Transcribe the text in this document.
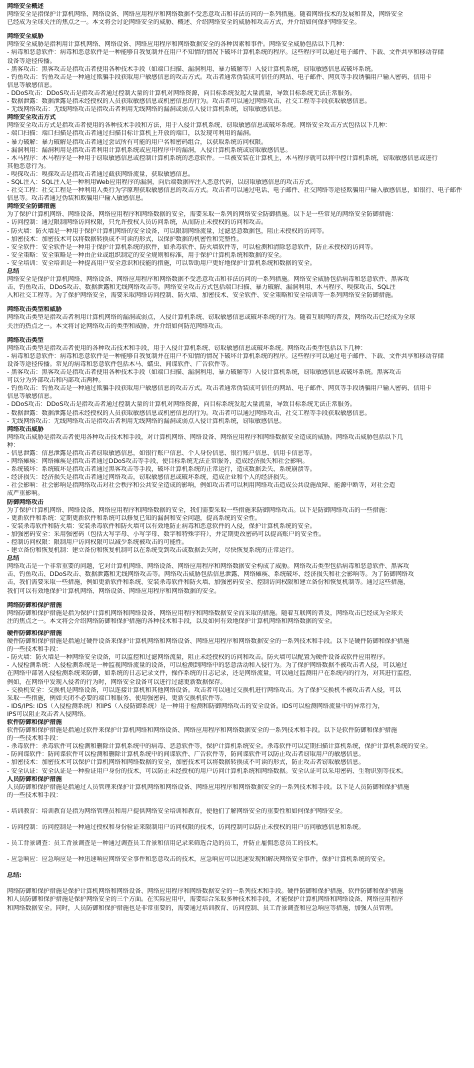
网络安全概述
网络安全是指保护计算机网络、网络设备、网络应用程序和网络数据不受恶意攻击和非法访问的一系列措施。随着网络技术的发展和普及，网络安全
已经成为全球关注的焦点之一。本文将会讨论网络安全的威胁、概述、介绍网络安全的威胁和攻击方式，并介绍如何保护网络安全。
网络安全威胁
网络安全威胁是指利用计算机网络、网络设备、网络应用程序和网络数据安全的各种因素和事件。网络安全威胁包括以下几种：
- 病毒和恶意软件：病毒和恶意软件是一种能够自我复制并在用户不知情的情况下破坏计算机系统的程序。这些程序可以通过电子邮件、下载、文件共享和移动存储
设备等途径传播。
- 黑客攻击：黑客攻击是指攻击者使用各种技术手段（如端口扫描、漏洞利用、暴力破解等）入侵计算机系统，窃取敏感信息或破坏系统。
- 钓鱼攻击：钓鱼攻击是一种通过欺骗手段获取用户敏感信息的攻击方式。攻击者通常伪装成可信任的网站、电子邮件、网页等手段诱骗用户输入密码、信用卡
信息等敏感信息。
- DDoS攻击：DDoS攻击是指攻击者通过控制大量的计算机对网络资源，向目标系统发起大量流量，导致目标系统无法正常服务。
- 数据泄露：数据泄露是指未经授权的人员获取敏感信息或机密信息的行为。攻击者可以通过网络攻击、社交工程等手段获取敏感信息。
- 无线网络攻击：无线网络攻击是指攻击者利用无线网络的漏洞或弱点入侵计算机系统，窃取敏感信息。
网络安全攻击方式
网络安全攻击方式是指攻击者使用的各种技术手段和方法，用于入侵计算机系统、窃取敏感信息或破坏系统。网络安全攻击方式包括以下几种：
- 端口扫描：端口扫描是指攻击者通过扫描目标计算机上开放的端口，以发现可利用的漏洞。
- 暴力破解：暴力破解是指攻击者通过尝试所有可能的用户名和密码组合，以获取系统访问权限。
- 漏洞利用：漏洞利用是指攻击者利用计算机系统或应用程序中的漏洞，入侵计算机系统或窃取敏感信息。
- 木马程序：木马程序是一种用于窃取敏感信息或控制计算机系统的恶意软件。一旦被安装在计算机上，木马程序就可以将中控计算机系统，窃取敏感信息或进行
其他恶意行为。
- 嗅探攻击：嗅探攻击是指攻击者通过截获网络流量，获取敏感信息。
- SQL注入：SQL注入是一种利用Web应用程序的漏洞，向后端数据库注入恶意代码，以窃取敏感信息的攻击方式。
- 社交工程：社交工程是一种利用人类行为学原理获取敏感信息的攻击方式。攻击者可以通过电话、电子邮件、社交网络等途径欺骗用户输入敏感信息，如银行、电子邮件
信息等。攻击者通过伪装和欺骗用户输入敏感信息。
网络安全防御措施
为了保护计算机网络、网络设备、网络应用程序和网络数据的安全，需要采取一系列的网络安全防御措施。以下是一些常见的网络安全防御措施：
- 访问控制：通过限制网络访问权限，只允许授权人员访问系统，从而防止未授权的访问和攻击。
- 防火墙：防火墙是一种用于保护计算机网络的安全设备，可以限制网络流量，过滤恶意数据包，阻止未授权的访问等。
- 加密技术：加密技术可以将数据转换成不可读的形式，以保护数据的机密性和完整性。
- 安全软件：安全软件是一种用于保护计算机系统的软件，如杀毒软件、防火墙软件等，可以检测和清除恶意软件，防止未授权的访问等。
- 安全策略：安全策略是一种由企业或组织制定的安全规则和标准，用于保护计算机系统和数据的安全。
- 安全培训：安全培训是一种提高用户安全意识和技能的措施，可以帮助用户更好地保护计算机系统和数据的安全。
总结
网络安全是保护计算机网络、网络设备、网络应用程序和网络数据不受恶意攻击和非法访问的一系列措施。网络安全威胁包括病毒和恶意软件、黑客攻
击、钓鱼攻击、DDoS攻击、数据泄露和无线网络攻击等。网络安全攻击方式包括端口扫描、暴力破解、漏洞利用、木马程序、嗅探攻击、SQL注
入和社交工程等。为了保护网络安全，需要采取网络访问控制、防火墙、加密技术、安全软件、安全策略和安全培训等一系列网络安全防御措施。
网络攻击类型和威胁
网络攻击类型是指攻击者利用计算机网络的漏洞或弱点，入侵计算机系统、窃取敏感信息或破坏系统的行为。随着互联网的普及，网络攻击已经成为全球
关注的热点之一。本文将讨论网络攻击的类型和威胁，并介绍如何防范网络攻击。
网络攻击类型
网络攻击类型是指攻击者使用的各种攻击技术和手段，用于入侵计算机系统、窃取敏感信息或破坏系统。网络攻击类型包括以下几种：
- 病毒和恶意软件：病毒和恶意软件是一种能够自我复制并在用户不知情的情况下破坏计算机系统的程序。这些程序可以通过电子邮件、下载、文件共享和移动存储
设备等途径传播。常见的病毒和恶意软件包括木马、蠕虫、间谍软件、广告软件等。
- 黑客攻击：黑客攻击是指攻击者使用各种技术手段（如端口扫描、漏洞利用、暴力破解等）入侵计算机系统，窃取敏感信息或破坏系统。黑客攻击
可以分为外部攻击和内部攻击两种。
- 钓鱼攻击：钓鱼攻击是一种通过欺骗手段获取用户敏感信息的攻击方式。攻击者通常伪装成可信任的网站、电子邮件、网页等手段诱骗用户输入密码、信用卡
信息等敏感信息。
- DDoS攻击：DDoS攻击是指攻击者通过控制大量的计算机对网络资源，向目标系统发起大量流量，导致目标系统无法正常服务。
- 数据泄露：数据泄露是指未经授权的人员获取敏感信息或机密信息的行为。攻击者可以通过网络攻击、社交工程等手段获取敏感信息。
- 无线网络攻击：无线网络攻击是指攻击者利用无线网络的漏洞或弱点入侵计算机系统，窃取敏感信息。
网络攻击威胁
网络攻击威胁是指攻击者使用各种攻击技术和手段，对计算机网络、网络设备、网络应用程序和网络数据安全造成的威胁。网络攻击威胁包括以下几
种：
- 信息泄露：信息泄露是指攻击者窃取敏感信息，如银行账户信息、个人身份信息、银行账户信息、信用卡信息等。
- 网络瘫痪：网络瘫痪是指攻击者通过DDoS攻击等手段，使目标系统无法正常服务，造成经济损失和社会影响。
- 系统破坏：系统破坏是指攻击者通过黑客攻击等手段，破坏计算机系统的正常运行，造成数据丢失、系统崩溃等。
- 经济损失：经济损失是指攻击者通过网络攻击，窃取敏感信息或破坏系统，造成企业和个人的经济损失。
- 社会影响：社会影响是指网络攻击对社会秩序和公共安全造成的影响，例如攻击者可以利用网络攻击造成公共设施故障、能源中断等，对社会造
成严重影响。
防御网络攻击
为了保护计算机网络、网络设备、网络应用程序和网络数据的安全，我们需要采取一些措施来防御网络攻击。以下是防御网络攻击的一些措施：
- 更新软件和系统：定期更新软件和系统可以修复已知的漏洞和安全问题，提高系统的安全性。
- 安装杀毒软件和防火墙：安装杀毒软件和防火墙可以有效地防止病毒和恶意软件的入侵，保护计算机系统的安全。
- 加强密码安全：采用强密码（包括大写字母、小写字母、数字和特殊字符），并定期更改密码可以提高账户的安全性。
- 控制访问权限：限制用户访问权限可以减少系统被攻击的可能性。
- 建立备份和恢复机制：建立备份和恢复机制可以在系统受到攻击或数据丢失时，尽快恢复系统的正常运行。
总结
网络攻击是一个非常重要的问题，它对计算机网络、网络设备、网络应用程序和网络数据安全构成了威胁。网络攻击类型包括病毒和恶意软件、黑客攻
击、钓鱼攻击、DDoS攻击、数据泄露和无线网络攻击等。网络攻击威胁包括信息泄露、网络瘫痪、系统破坏、经济损失和社会影响等。为了防御网络攻
击，我们需要采取一些措施，例如更新软件和系统、安装杀毒软件和防火墙、加强密码安全、控制访问权限和建立备份和恢复机制等。通过这些措施，
我们可以有效地保护计算机网络、网络设备、网络应用程序和网络数据的安全。
网络防御和保护措施
网络防御和保护措施是指为保护计算机网络和网络设备、网络应用程序和网络数据安全而采取的措施。随着互联网的普及，网络攻击已经成为全球关
注的焦点之一。本文将会介绍网络防御和保护措施的各种技术和手段，以及如何有效地保护计算机网络和网络数据的安全。
硬件防御和保护措施
硬件防御和保护措施是指通过硬件设备来保护计算机网络和网络设备、网络应用程序和网络数据安全的一系列技术和手段。以下是硬件防御和保护措施
的一些技术和手段：
- 防火墙：防火墙是一种网络安全设备，可以监控和过滤网络流量，阻止未经授权的访问和攻击。防火墙可以配置为硬件设备或软件应用程序。
- 入侵检测系统：入侵检测系统是一种监视网络流量的设备，可以检测到网络中的恶意活动和入侵行为。为了保护网络数据不被攻击者入侵，可以通过
在网络中部署入侵检测系统来防御，如系统的日志记录文件，操作系统的日志记录，还是网络流量，可以通过监测用户在系统内的行为，对其进行监控，
例如，在网络中发现入侵者的行为时，网络安全设备可以进行过滤更新数据保存。
- 交换机安全：交换机是网络设备，可以连接计算机和其他网络设备。攻击者可以通过交换机进行网络攻击。为了保护交换机不被攻击者入侵，可以
采取一些措施，例如关闭不必要的端口和服务、使用强密码、更新交换机软件等。
- IDS/IPS: IDS（入侵检测系统）和IPS（入侵防御系统）是一种用于检测和防御网络攻击的安全设备。IDS可以检测网络流量中的异常行为，
IPS可以阻止攻击者入侵网络。
软件防御和保护措施
软件防御和保护措施是指通过软件来保护计算机网络和网络设备、网络应用程序和网络数据安全的一系列技术和手段。以下是软件防御和保护措施
的一些技术和手段：
- 杀毒软件：杀毒软件可以检测和删除计算机系统中的病毒、恶意软件等，保护计算机系统安全。杀毒软件可以定期扫描计算机系统，保护计算机系统的安全。
- 防间谍软件：防间谍软件可以检测和删除计算机系统中的间谍软件、广告软件等，防间谍软件可以防止攻击者窃取用户的敏感信息。
- 加密技术：加密技术可以保护计算机网络和网络数据的安全，加密技术可以将数据转换成不可读的形式，防止攻击者窃取敏感信息。
- 安全认证：安全认证是一种验证用户身份的技术，可以防止未经授权的用户访问计算机系统和网络数据。安全认证可以采用密码、生物识别等技术。
人员防御和保护措施
人员防御和保护措施是指通过人员管理来保护计算机网络和网络设备、网络应用程序和网络数据安全的一系列技术和手段。以下是人员防御和保护措施
的一些技术和手段：
- 培训教育：培训教育是指为网络管理员和用户提供网络安全培训和教育，使他们了解网络安全的重要性和如何保护网络安全。
- 访问控制：访问控制是一种通过授权和身份验证来限制用户访问权限的技术，访问控制可以防止未授权的用户访问敏感信息和系统。
- 员工背景调查：员工背景调查是一种通过调查员工背景和信用记录来筛选合适的员工，并防止雇佣恶意员工的技术。
- 应急响应：应急响应是一种迅速响应网络安全事件和恶意攻击的技术，应急响应可以迅速发现和解决网络安全事件，保护计算机系统的安全。
总结:
网络防御和保护措施是保护计算机网络和网络设备、网络应用程序和网络数据安全的一系列技术和手段。硬件防御和保护措施、软件防御和保护措施
和人员防御和保护措施是保护网络安全的三个方面。在实际应用中，需要综合采取多种技术和手段，才能保护计算机网络和网络设备、网络应用程序
和网络数据安全。同时，人员防御和保护措施也是非常重要的，需要通过培训教育、访问控制、员工背景调查和应急响应等措施，加强人员管理。
